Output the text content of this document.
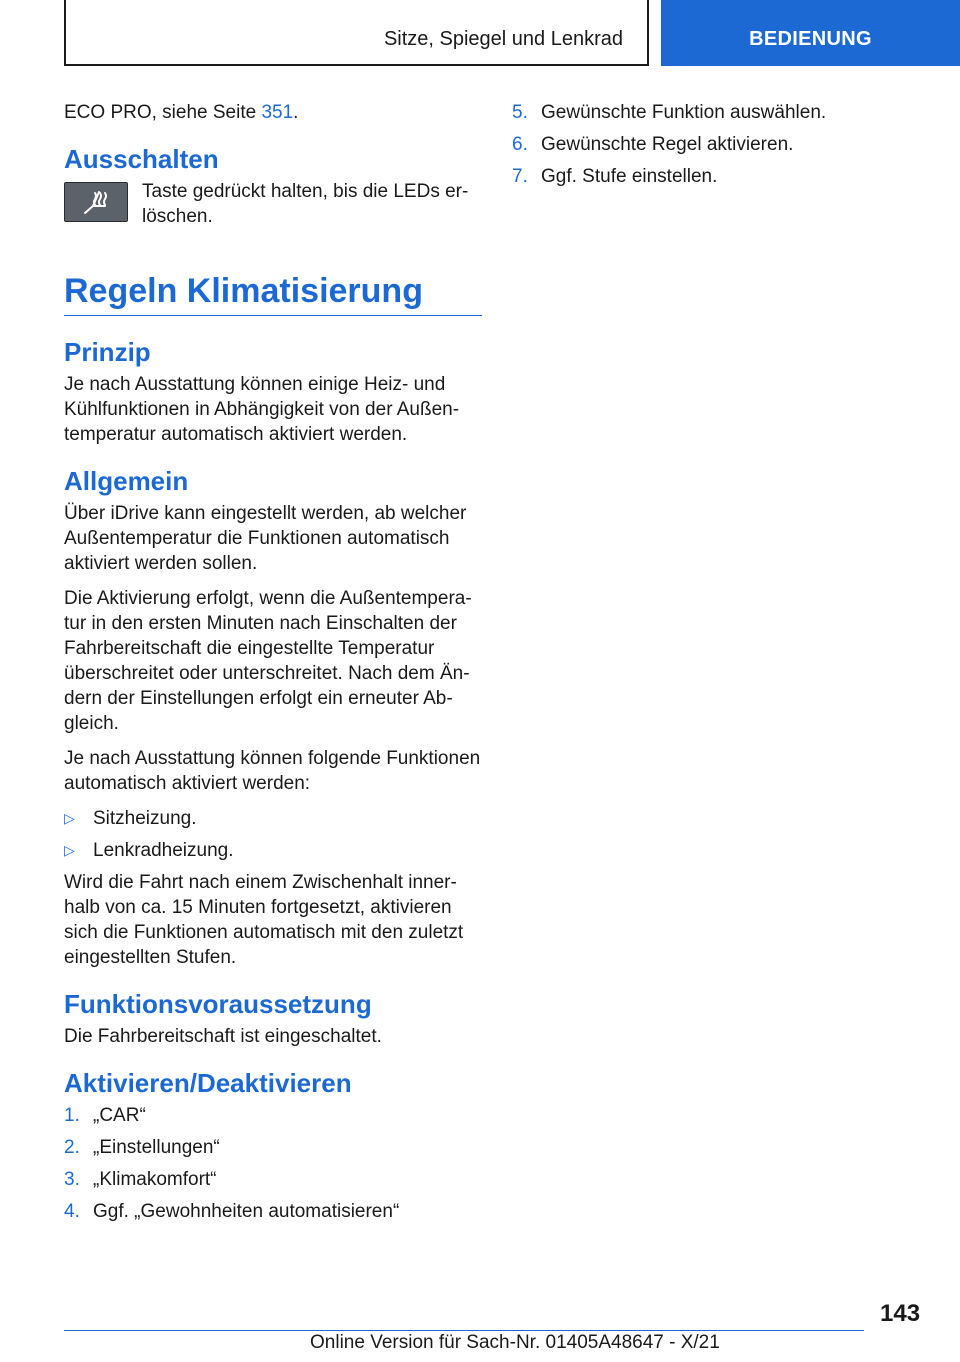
Sitze, Spiegel und Lenkrad	BEDIENUNG

ECO PRO, siehe Seite 351.

Ausschalten
Taste gedrückt halten, bis die LEDs erlöschen.
Regeln Klimatisierung
Prinzip

Je nach Ausstattung können einige Heiz- und Kühlfunktionen in Abhängigkeit von der Außentemperatur automatisch aktiviert werden.

Allgemein

Über iDrive kann eingestellt werden, ab welcher Außentemperatur die Funktionen automatisch aktiviert werden sollen.

Die Aktivierung erfolgt, wenn die Außentemperatur in den ersten Minuten nach Einschalten der Fahrbereitschaft die eingestellte Temperatur überschreitet oder unterschreitet. Nach dem Ändern der Einstellungen erfolgt ein erneuter Abgleich.

Je nach Ausstattung können folgende Funktionen automatisch aktiviert werden:

▷ Sitzheizung.
▷ Lenkradheizung.

Wird die Fahrt nach einem Zwischenhalt innerhalb von ca. 15 Minuten fortgesetzt, aktivieren sich die Funktionen automatisch mit den zuletzt eingestellten Stufen.

Funktionsvoraussetzung

Die Fahrbereitschaft ist eingeschaltet.

Aktivieren/Deaktivieren
1. „CAR“
2. „Einstellungen“
3. „Klimakomfort“
4. Ggf. „Gewohnheiten automatisieren“
5. Gewünschte Funktion auswählen.
6. Gewünschte Regel aktivieren.
7. Ggf. Stufe einstellen.
143
Online Version für Sach-Nr. 01405A48647 - X/21
